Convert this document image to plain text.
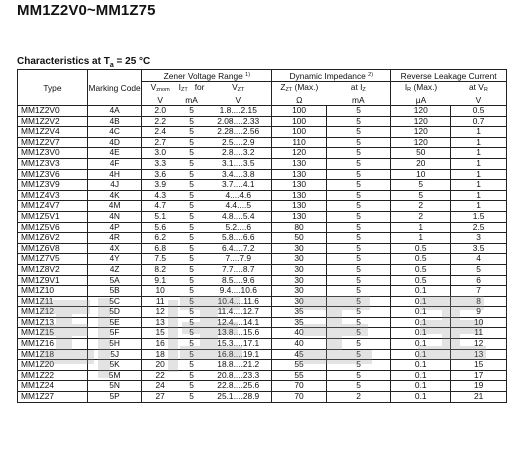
MM1Z2V0~MM1Z75
Characteristics at $T_a = 25$ °C
Type	Marking Code	Zener Voltage Range $^{1)}$			Dynamic Impedance $^{2)}$		Reverse Leakage Current	
		Vznom	IZT for	VZT	ZZT (Max.)	at IZ	IR (Max.)	at VR
		V	mA	V	Ω	mA	μA	V
MM1Z2V0	4A	2.0	5	1.8....2.15	100	5	120	0.5
MM1Z2V2	4B	2.2	5	2.08....2.33	100	5	120	0.7
MM1Z2V4	4C	2.4	5	2.28....2.56	100	5	120	1
MM1Z2V7	4D	2.7	5	2.5....2.9	110	5	120	1
MM1Z3V0	4E	3.0	5	2.8....3.2	120	5	50	1
MM1Z3V3	4F	3.3	5	3.1....3.5	130	5	20	1
MM1Z3V6	4H	3.6	5	3.4....3.8	130	5	10	1
MM1Z3V9	4J	3.9	5	3.7....4.1	130	5	5	1
MM1Z4V3	4K	4.3	5	4....4.6	130	5	5	1
MM1Z4V7	4M	4.7	5	4.4....5	130	5	2	1
MM1Z5V1	4N	5.1	5	4.8....5.4	130	5	2	1.5
MM1Z5V6	4P	5.6	5	5.2....6	80	5	1	2.5
MM1Z6V2	4R	6.2	5	5.8....6.6	50	5	1	3
MM1Z6V8	4X	6.8	5	6.4....7.2	30	5	0.5	3.5
MM1Z7V5	4Y	7.5	5	7....7.9	30	5	0.5	4
MM1Z8V2	4Z	8.2	5	7.7....8.7	30	5	0.5	5
MM1Z9V1	5A	9.1	5	8.5....9.6	30	5	0.5	6
MM1Z10	5B	10	5	9.4....10.6	30	5	0.1	7
MM1Z11	5C	11	5	10.4....11.6	30	5	0.1	8
MM1Z12	5D	12	5	11.4....12.7	35	5	0.1	9
MM1Z13	5E	13	5	12.4....14.1	35	5	0.1	10
MM1Z15	5F	15	5	13.8....15.6	40	5	0.1	11
MM1Z16	5H	16	5	15.3....17.1	40	5	0.1	12
MM1Z18	5J	18	5	16.8....19.1	45	5	0.1	13
MM1Z20	5K	20	5	18.8....21.2	55	5	0.1	15
MM1Z22	5M	22	5	20.8....23.3	55	5	0.1	17
MM1Z24	5N	24	5	22.8....25.6	70	5	0.1	19
MM1Z27	5P	27	5	25.1....28.9	70	2	0.1	21
